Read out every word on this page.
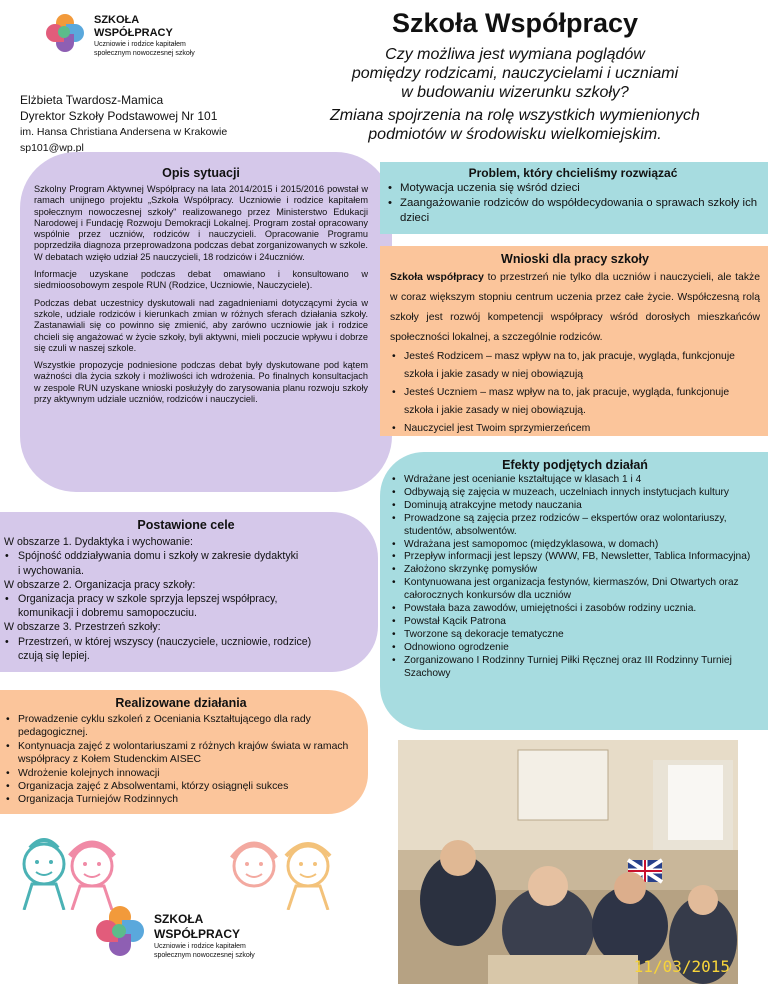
SZKOŁA
WSPÓŁPRACY
Uczniowie i rodzice kapitałem
społecznym nowoczesnej szkoły
Elżbieta Twardosz-Mamica
Dyrektor Szkoły Podstawowej Nr 101
im. Hansa Christiana Andersena w Krakowie
sp101@wp.pl
Szkoła Współpracy
Czy możliwa jest wymiana poglądów
pomiędzy rodzicami, nauczycielami i uczniami
w budowaniu wizerunku szkoły?
Zmiana spojrzenia na rolę wszystkich wymienionych
podmiotów w środowisku wielkomiejskim.
Opis sytuacji

Szkolny Program Aktywnej Współpracy na lata 2014/2015 i 2015/2016 powstał w ramach unijnego projektu „Szkoła Współpracy. Uczniowie i rodzice kapitałem społecznym nowoczesnej szkoły" realizowanego przez Ministerstwo Edukacji Narodowej i Fundację Rozwoju Demokracji Lokalnej. Program został opracowany wspólnie przez uczniów, rodziców i nauczycieli. Opracowanie Programu poprzedziła diagnoza przeprowadzona podczas debat zorganizowanych w szkole. W debatach wzięło udział 25 nauczycieli, 18 rodziców i 24uczniów.

Informacje uzyskane podczas debat omawiano i konsultowano w siedmioosobowym zespole RUN (Rodzice, Uczniowie, Nauczyciele).

Podczas debat uczestnicy dyskutowali nad zagadnieniami dotyczącymi życia w szkole, udziale rodziców i kierunkach zmian w różnych sferach działania szkoły. Zastanawiali się co powinno się zmienić, aby zarówno uczniowie jak i rodzice chcieli się angażować w życie szkoły, byli aktywni, mieli poczucie wpływu i dobrze się czuli w naszej szkole.

Wszystkie propozycje podniesione podczas debat były dyskutowane pod kątem ważności dla życia szkoły i możliwości ich wdrożenia. Po finalnych konsultacjach w zespole RUN uzyskane wnioski posłużyły do zarysowania planu rozwoju szkoły przy aktywnym udziale uczniów, rodziców i nauczycieli.

Postawione cele
W obszarze 1. Dydaktyka i wychowanie:
• Spójność oddziaływania domu i szkoły w zakresie dydaktyki
i wychowania.
W obszarze 2. Organizacja pracy szkoły:
• Organizacja pracy w szkole sprzyja lepszej współpracy,
komunikacji i dobremu samopoczuciu.
W obszarze 3. Przestrzeń szkoły:
• Przestrzeń, w której wszyscy (nauczyciele, uczniowie, rodzice)
czują się lepiej.
Realizowane działania
• Prowadzenie cyklu szkoleń z Oceniania Kształtującego dla rady pedagogicznej.
• Kontynuacja zajęć z wolontariuszami z różnych krajów świata w ramach współpracy z Kołem Studenckim AISEC
• Wdrożenie kolejnych innowacji
• Organizacja zajęć z Absolwentami, którzy osiągnęli sukces
• Organizacja Turniejów Rodzinnych
SZKOŁA
WSPÓŁPRACY
Uczniowie i rodzice kapitałem
społecznym nowoczesnej szkoły
Problem, który chcieliśmy rozwiązać
• Motywacja uczenia się wśród dzieci
• Zaangażowanie rodziców do współdecydowania o sprawach szkoły ich dzieci
Wnioski dla pracy szkoły

Szkoła współpracy to przestrzeń nie tylko dla uczniów i nauczycieli, ale także w coraz większym stopniu centrum uczenia przez całe życie. Współczesną rolą szkoły jest rozwój kompetencji współpracy wśród dorosłych mieszkańców społeczności lokalnej, a szczególnie rodziców.

• Jesteś Rodzicem – masz wpływ na to, jak pracuje, wygląda, funkcjonuje szkoła i jakie zasady w niej obowiązują
• Jesteś Uczniem – masz wpływ na to, jak pracuje, wygląda, funkcjonuje szkoła i jakie zasady w niej obowiązują.
• Nauczyciel jest Twoim sprzymierzeńcem
Efekty podjętych działań
• Wdrażane jest ocenianie kształtujące w klasach 1 i 4
• Odbywają się zajęcia w muzeach, uczelniach innych instytucjach kultury
• Dominują atrakcyjne metody nauczania
• Prowadzone są zajęcia przez rodziców – ekspertów oraz wolontariuszy, studentów, absolwentów.
• Wdrażana jest samopomoc (międzyklasowa, w domach)
• Przepływ informacji jest lepszy (WWW, FB, Newsletter, Tablica Informacyjna)
• Założono skrzynkę pomysłów
• Kontynuowana jest organizacja festynów, kiermaszów, Dni Otwartych oraz całorocznych konkursów dla uczniów
• Powstała baza zawodów, umiejętności i zasobów rodziny ucznia.
• Powstał Kącik Patrona
• Tworzone są dekoracje tematyczne
• Odnowiono ogrodzenie
• Zorganizowano I Rodzinny Turniej Piłki Ręcznej oraz III Rodzinny Turniej Szachowy
11/03/2015
